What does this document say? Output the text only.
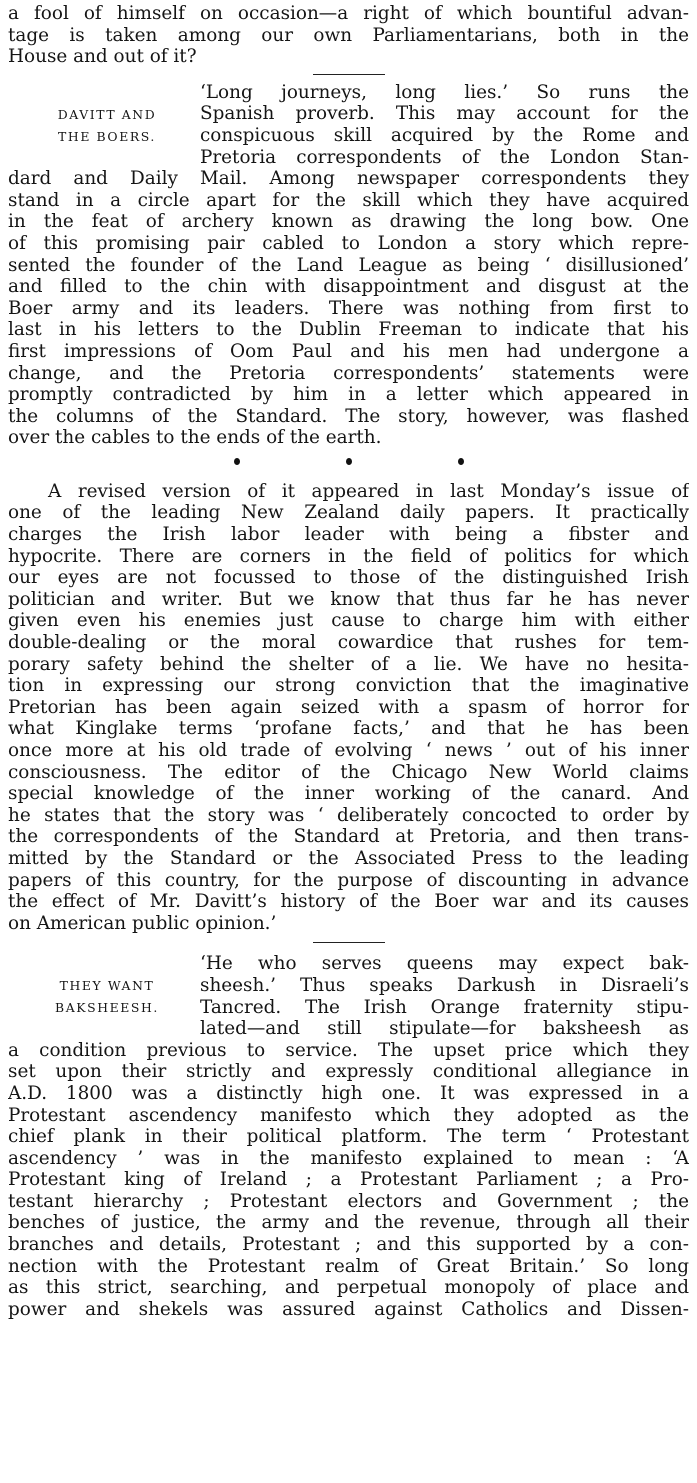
a fool of himself on occasion—a right of which bountiful advan-
tage is taken among our own Parliamentarians, both in the
House and out of it?
DAVITT AND
THE BOERS.
‘Long journeys, long lies.’ So runs the
Spanish proverb. This may account for the
conspicuous skill acquired by the Rome and
Pretoria correspondents of the London Stan-
dard and Daily Mail. Among newspaper correspondents they
stand in a circle apart for the skill which they have acquired
in the feat of archery known as drawing the long bow. One
of this promising pair cabled to London a story which repre-
sented the founder of the Land League as being ‘ disillusioned’
and filled to the chin with disappointment and disgust at the
Boer army and its leaders. There was nothing from first to
last in his letters to the Dublin Freeman to indicate that his
first impressions of Oom Paul and his men had undergone a
change, and the Pretoria correspondents’ statements were
promptly contradicted by him in a letter which appeared in
the columns of the Standard. The story, however, was flashed
over the cables to the ends of the earth.
A revised version of it appeared in last Monday’s issue of
one of the leading New Zealand daily papers. It practically
charges the Irish labor leader with being a fibster and
hypocrite. There are corners in the field of politics for which
our eyes are not focussed to those of the distinguished Irish
politician and writer. But we know that thus far he has never
given even his enemies just cause to charge him with either
double-dealing or the moral cowardice that rushes for tem-
porary safety behind the shelter of a lie. We have no hesita-
tion in expressing our strong conviction that the imaginative
Pretorian has been again seized with a spasm of horror for
what Kinglake terms ‘profane facts,’ and that he has been
once more at his old trade of evolving ‘ news ’ out of his inner
consciousness. The editor of the Chicago New World claims
special knowledge of the inner working of the canard. And
he states that the story was ‘ deliberately concocted to order by
the correspondents of the Standard at Pretoria, and then trans-
mitted by the Standard or the Associated Press to the leading
papers of this country, for the purpose of discounting in advance
the effect of Mr. Davitt’s history of the Boer war and its causes
on American public opinion.’
THEY WANT
BAKSHEESH.
‘He who serves queens may expect bak-
sheesh.’ Thus speaks Darkush in Disraeli’s
Tancred. The Irish Orange fraternity stipu-
lated—and still stipulate—for baksheesh as
a condition previous to service. The upset price which they
set upon their strictly and expressly conditional allegiance in
A.D. 1800 was a distinctly high one. It was expressed in a
Protestant ascendency manifesto which they adopted as the
chief plank in their political platform. The term ‘ Protestant
ascendency ’ was in the manifesto explained to mean : ‘A
Protestant king of Ireland ; a Protestant Parliament ; a Pro-
testant hierarchy ; Protestant electors and Government ; the
benches of justice, the army and the revenue, through all their
branches and details, Protestant ; and this supported by a con-
nection with the Protestant realm of Great Britain.’ So long
as this strict, searching, and perpetual monopoly of place and
power and shekels was assured against Catholics and Dissen-
